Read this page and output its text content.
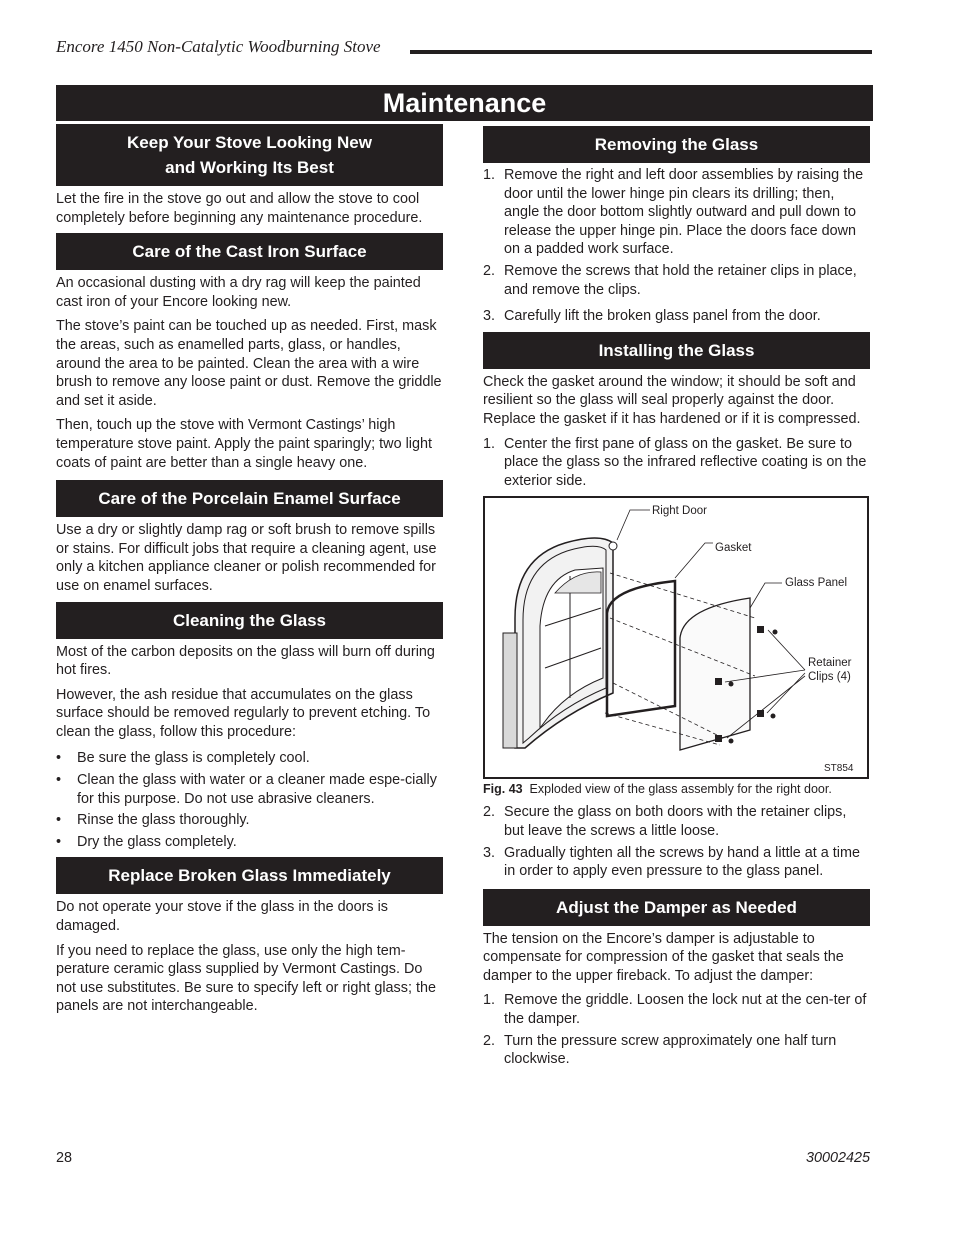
Encore 1450 Non-Catalytic Woodburning Stove
Maintenance
Keep Your Stove Looking New
and Working Its Best

Let the fire in the stove go out and allow the stove to cool completely before beginning any maintenance procedure.

Care of the Cast Iron Surface

An occasional dusting with a dry rag will keep the painted cast iron of your Encore looking new.

The stove’s paint can be touched up as needed. First, mask the areas, such as enamelled parts, glass, or handles, around the area to be painted. Clean the area with a wire brush to remove any loose paint or dust. Remove the griddle and set it aside.

Then, touch up the stove with Vermont Castings’ high temperature stove paint. Apply the paint sparingly; two light coats of paint are better than a single heavy one.

Care of the Porcelain Enamel Surface

Use a dry or slightly damp rag or soft brush to remove spills or stains. For difficult jobs that require a cleaning agent, use only a kitchen appliance cleaner or polish recommended for use on enamel surfaces.

Cleaning the Glass

Most of the carbon deposits on the glass will burn off during hot fires.

However, the ash residue that accumulates on the glass surface should be removed regularly to prevent etching. To clean the glass, follow this procedure:

• Be sure the glass is completely cool.
• Clean the glass with water or a cleaner made espe-cially for this purpose. Do not use abrasive cleaners.
• Rinse the glass thoroughly.
• Dry the glass completely.
Replace Broken Glass Immediately

Do not operate your stove if the glass in the doors is damaged.

If you need to replace the glass, use only the high tem-perature ceramic glass supplied by Vermont Castings. Do not use substitutes. Be sure to specify left or right glass; the panels are not interchangeable.

Removing the Glass
1. Remove the right and left door assemblies by raising the door until the lower hinge pin clears its drilling; then, angle the door bottom slightly outward and pull down to release the upper hinge pin. Place the doors face down on a padded work surface.
2. Remove the screws that hold the retainer clips in place, and remove the clips.
3. Carefully lift the broken glass panel from the door.
Installing the Glass

Check the gasket around the window; it should be soft and resilient so the glass will seal properly against the door. Replace the gasket if it has hardened or if it is compressed.

1. Center the first pane of glass on the gasket. Be sure to place the glass so the infrared reflective coating is on the exterior side.
Right Door
Gasket
Glass Panel
Retainer
Clips (4)
ST854
Fig. 43 Exploded view of the glass assembly for the right door.
2. Secure the glass on both doors with the retainer clips, but leave the screws a little loose.
3. Gradually tighten all the screws by hand a little at a time in order to apply even pressure to the glass panel.
Adjust the Damper as Needed

The tension on the Encore’s damper is adjustable to compensate for compression of the gasket that seals the damper to the upper fireback. To adjust the damper:

1. Remove the griddle. Loosen the lock nut at the cen-ter of the damper.
2. Turn the pressure screw approximately one half turn clockwise.
28	30002425
